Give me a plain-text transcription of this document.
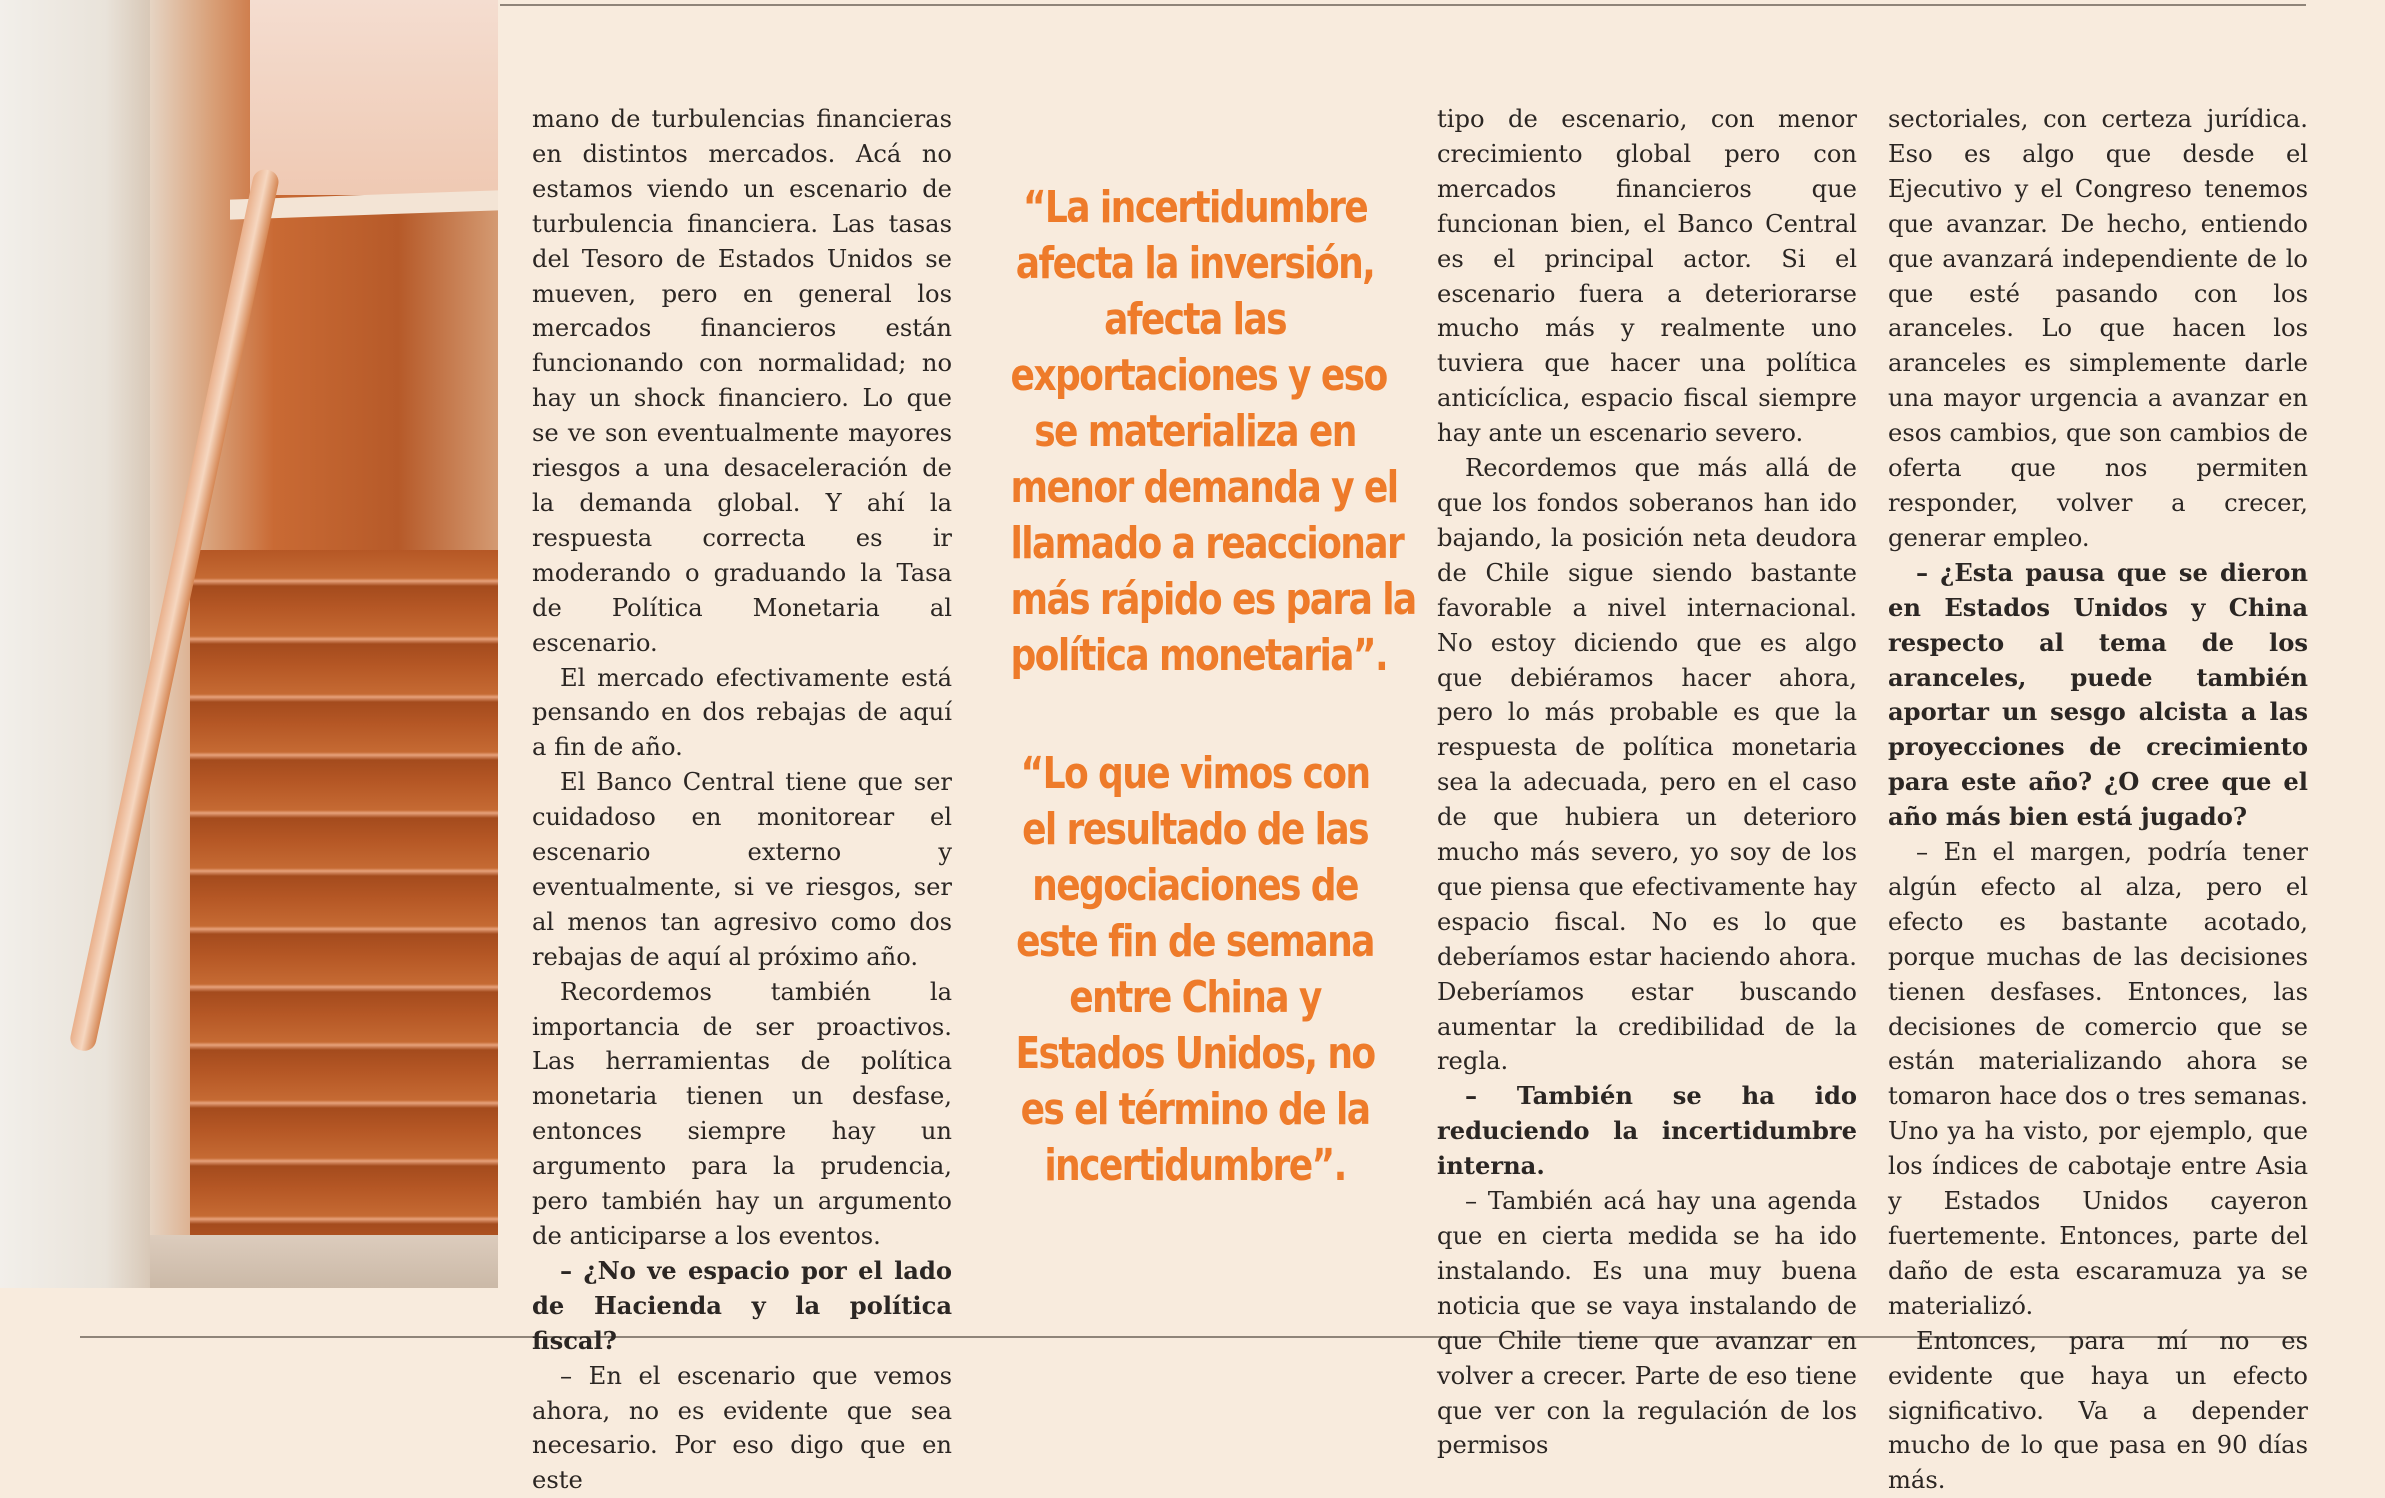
mano de turbulencias financieras en distintos mercados. Acá no estamos viendo un escenario de turbulencia financiera. Las tasas del Tesoro de Estados Unidos se mueven, pero en general los mercados financieros están funcionando con normalidad; no hay un shock financiero. Lo que se ve son eventualmente mayores riesgos a una desaceleración de la demanda global. Y ahí la respuesta correcta es ir moderando o graduando la Tasa de Política Monetaria al escenario.

El mercado efectivamente está pensando en dos rebajas de aquí a fin de año.

El Banco Central tiene que ser cuidadoso en monitorear el escenario externo y eventualmente, si ve riesgos, ser al menos tan agresivo como dos rebajas de aquí al próximo año.

Recordemos también la importancia de ser proactivos. Las herramientas de política monetaria tienen un desfase, entonces siempre hay un argumento para la prudencia, pero también hay un argumento de anticiparse a los eventos.

– ¿No ve espacio por el lado de Hacienda y la política fiscal?

– En el escenario que vemos ahora, no es evidente que sea necesario. Por eso digo que en este

tipo de escenario, con menor crecimiento global pero con mercados financieros que funcionan bien, el Banco Central es el principal actor. Si el escenario fuera a deteriorarse mucho más y realmente uno tuviera que hacer una política anticíclica, espacio fiscal siempre hay ante un escenario severo.

Recordemos que más allá de que los fondos soberanos han ido bajando, la posición neta deudora de Chile sigue siendo bastante favorable a nivel internacional. No estoy diciendo que es algo que debiéramos hacer ahora, pero lo más probable es que la respuesta de política monetaria sea la adecuada, pero en el caso de que hubiera un deterioro mucho más severo, yo soy de los que piensa que efectivamente hay espacio fiscal. No es lo que deberíamos estar haciendo ahora. Deberíamos estar buscando aumentar la credibilidad de la regla.

– También se ha ido reduciendo la incertidumbre interna.

– También acá hay una agenda que en cierta medida se ha ido instalando. Es una muy buena noticia que se vaya instalando de que Chile tiene que avanzar en volver a crecer. Parte de eso tiene que ver con la regulación de los permisos

sectoriales, con certeza jurídica. Eso es algo que desde el Ejecutivo y el Congreso tenemos que avanzar. De hecho, entiendo que avanzará independiente de lo que esté pasando con los aranceles. Lo que hacen los aranceles es simplemente darle una mayor urgencia a avanzar en esos cambios, que son cambios de oferta que nos permiten responder, volver a crecer, generar empleo.

– ¿Esta pausa que se dieron en Estados Unidos y China respecto al tema de los aranceles, puede también aportar un sesgo alcista a las proyecciones de crecimiento para este año? ¿O cree que el año más bien está jugado?

– En el margen, podría tener algún efecto al alza, pero el efecto es bastante acotado, porque muchas de las decisiones tienen desfases. Entonces, las decisiones de comercio que se están materializando ahora se tomaron hace dos o tres semanas. Uno ya ha visto, por ejemplo, que los índices de cabotaje entre Asia y Estados Unidos cayeron fuertemente. Entonces, parte del daño de esta escaramuza ya se materializó.

Entonces, para mí no es evidente que haya un efecto significativo. Va a depender mucho de lo que pasa en 90 días más.

“La incertidumbre
afecta la inversión,
afecta las
exportaciones y eso
se materializa en
menor demanda y el
llamado a reaccionar
más rápido es para la
política monetaria”.
“Lo que vimos con
el resultado de las
negociaciones de
este fin de semana
entre China y
Estados Unidos, no
es el término de la
incertidumbre”.
